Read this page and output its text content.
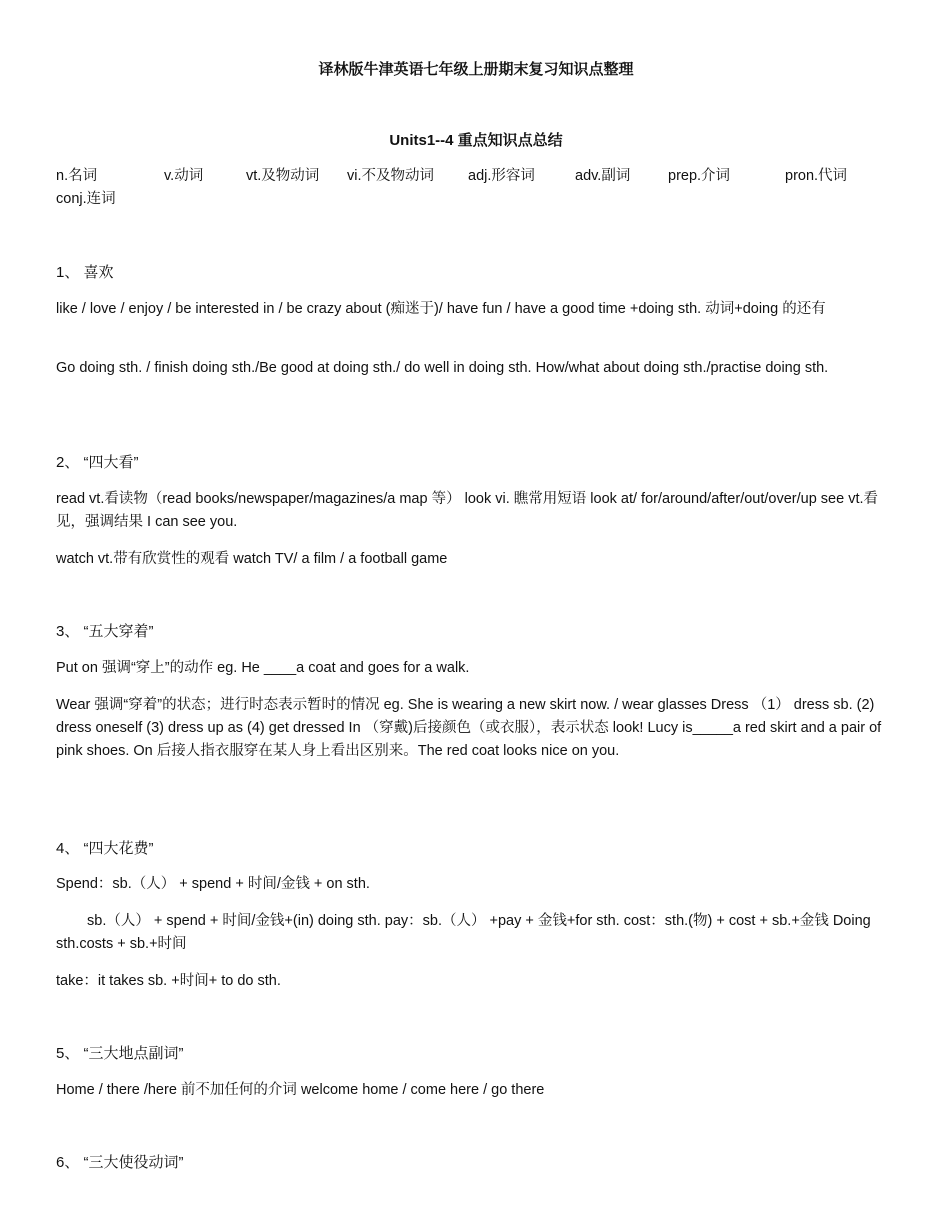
译林版牛津英语七年级上册期末复习知识点整理
Units1--4 重点知识点总结
n.名词	v.动词	vt.及物动词 vi.不及物动词 adj.形容词	adv.副词	prep.介词	pron.代词
conj.连词
1、 喜欢
like / love / enjoy / be interested in / be crazy about (痴迷于)/ have fun / have a good time +doing sth. 动词+doing 的还有
Go doing sth. / finish doing sth./Be good at doing sth./ do well in doing sth. How/what about doing sth./practise doing sth.
2、 “四大看”
read vt.看读物（read books/newspaper/magazines/a map 等） look vi. 瞧常用短语 look at/ for/around/after/out/over/up see vt.看见，强调结果 I can see you.
watch vt.带有欣赏性的观看 watch TV/ a film / a football game
3、 “五大穿着”
Put on 强调“穿上”的动作 eg. He ____a coat and goes for a walk.
Wear 强调“穿着”的状态；进行时态表示暂时的情况 eg. She is wearing a new skirt now. / wear glasses Dress （1） dress sb. (2) dress oneself (3) dress up as (4) get dressed In （穿戴)后接颜色（或衣服），表示状态 look! Lucy is_____a red skirt and a pair of pink shoes. On 后接人指衣服穿在某人身上看出区别来。The red coat looks nice on you.
4、 “四大花费”
Spend：sb.（人） + spend + 时间/金钱 + on sth.
sb.（人） + spend + 时间/金钱+(in) doing sth. pay：sb.（人） +pay + 金钱+for sth. cost：sth.(物) + cost + sb.+金钱 Doing sth.costs + sb.+时间
take：it takes sb. +时间+ to do sth.
5、 “三大地点副词”
Home / there /here 前不加任何的介词 welcome home / come here / go there
6、 “三大使役动词”
